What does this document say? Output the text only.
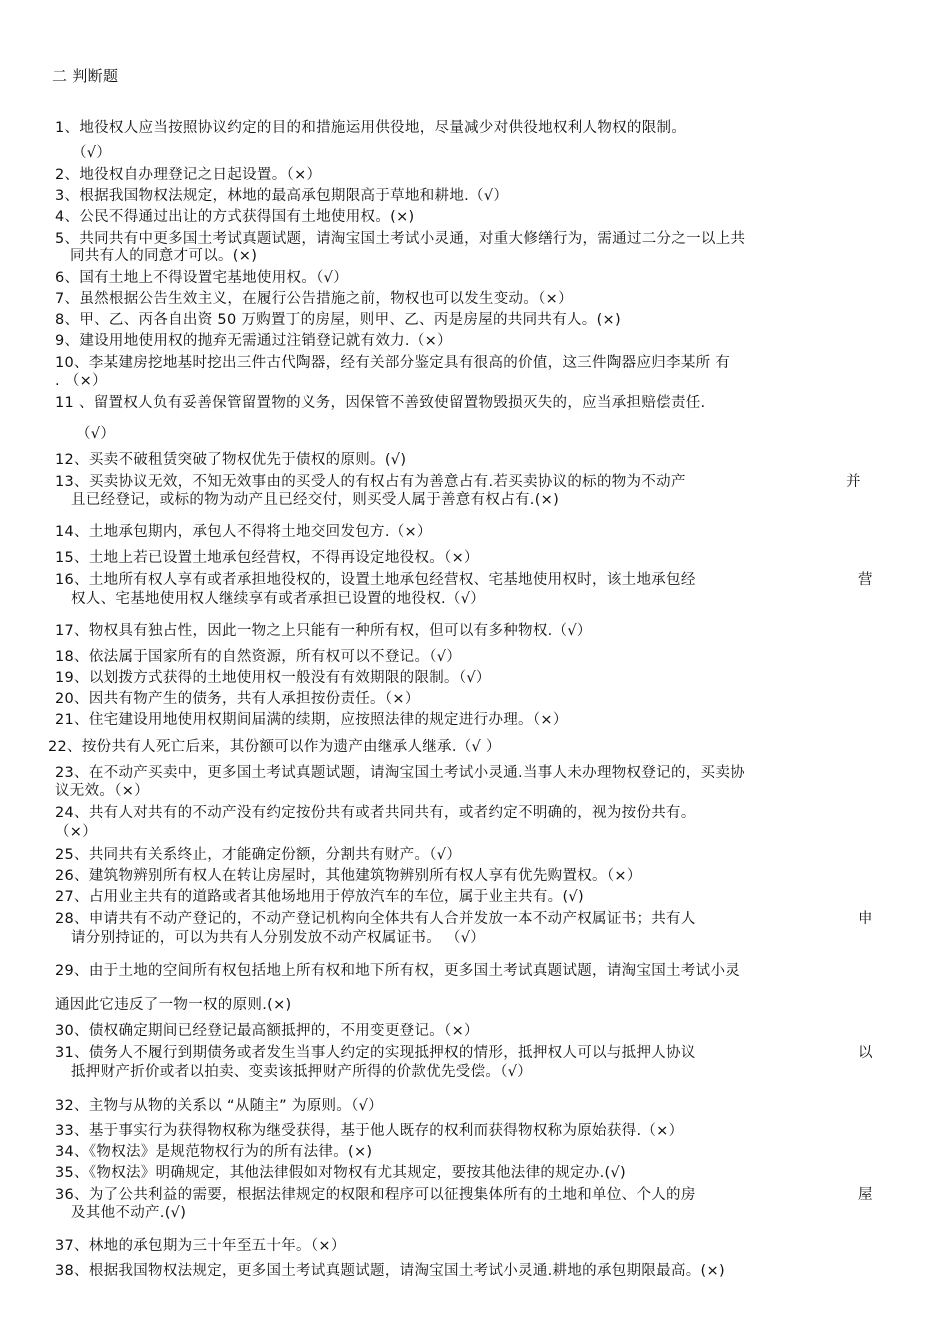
二 判断题
1、地役权人应当按照协议约定的目的和措施运用供役地，尽量减少对供役地权利人物权的限制。
（√）
2、地役权自办理登记之日起设置。（×）
3、根据我国物权法规定，林地的最高承包期限高于草地和耕地.（√）
4、公民不得通过出让的方式获得国有土地使用权。(×)
5、共同共有中更多国土考试真题试题，请淘宝国土考试小灵通，对重大修缮行为，需通过二分之一以上共
同共有人的同意才可以。(×)
6、国有土地上不得设置宅基地使用权。（√）
7、虽然根据公告生效主义，在履行公告措施之前，物权也可以发生变动。（×）
8、甲、乙、丙各自出资 50 万购置丁的房屋，则甲、乙、丙是房屋的共同共有人。(×)
9、建设用地使用权的抛弃无需通过注销登记就有效力.（×）
10、李某建房挖地基时挖出三件古代陶器，经有关部分鉴定具有很高的价值，这三件陶器应归李某所 有
. （×）
11 、留置权人负有妥善保管留置物的义务，因保管不善致使留置物毁损灭失的，应当承担赔偿责任.
（√）
12、买卖不破租赁突破了物权优先于债权的原则。(√)
13、买卖协议无效，不知无效事由的买受人的有权占有为善意占有.若买卖协议的标的物为不动产	并
且已经登记，或标的物为动产且已经交付，则买受人属于善意有权占有.(×)
14、土地承包期内，承包人不得将土地交回发包方.（×）
15、土地上若已设置土地承包经营权，不得再设定地役权。（×）
16、土地所有权人享有或者承担地役权的，设置土地承包经营权、宅基地使用权时，该土地承包经	营
权人、宅基地使用权人继续享有或者承担已设置的地役权.（√）
17、物权具有独占性，因此一物之上只能有一种所有权，但可以有多种物权.（√）
18、依法属于国家所有的自然资源，所有权可以不登记。（√）
19、以划拨方式获得的土地使用权一般没有有效期限的限制。（√）
20、因共有物产生的债务，共有人承担按份责任。（×）
21、住宅建设用地使用权期间届满的续期，应按照法律的规定进行办理。（×）
22、按份共有人死亡后来，其份额可以作为遗产由继承人继承.（√ ）
23、在不动产买卖中，更多国土考试真题试题，请淘宝国土考试小灵通.当事人未办理物权登记的，买卖协
议无效。（×）
24、共有人对共有的不动产没有约定按份共有或者共同共有，或者约定不明确的，视为按份共有。
（×）
25、共同共有关系终止，才能确定份额，分割共有财产。（√）
26、建筑物辨别所有权人在转让房屋时，其他建筑物辨别所有权人享有优先购置权。（×）
27、占用业主共有的道路或者其他场地用于停放汽车的车位，属于业主共有。(√)
28、申请共有不动产登记的，不动产登记机构向全体共有人合并发放一本不动产权属证书；共有人	申
请分别持证的，可以为共有人分别发放不动产权属证书。 （√）
29、由于土地的空间所有权包括地上所有权和地下所有权，更多国土考试真题试题，请淘宝国土考试小灵
通因此它违反了一物一权的原则.(×)
30、债权确定期间已经登记最高额抵押的，不用变更登记。（×）
31、债务人不履行到期债务或者发生当事人约定的实现抵押权的情形，抵押权人可以与抵押人协议	以
抵押财产折价或者以拍卖、变卖该抵押财产所得的价款优先受偿。（√）
32、主物与从物的关系以 “从随主” 为原则。（√）
33、基于事实行为获得物权称为继受获得，基于他人既存的权利而获得物权称为原始获得.（×）
34、《物权法》是规范物权行为的所有法律。(×)
35、《物权法》明确规定，其他法律假如对物权有尤其规定，要按其他法律的规定办.(√)
36、为了公共利益的需要，根据法律规定的权限和程序可以征搜集体所有的土地和单位、个人的房	屋
及其他不动产.(√)
37、林地的承包期为三十年至五十年。（×）
38、根据我国物权法规定，更多国土考试真题试题，请淘宝国土考试小灵通.耕地的承包期限最高。(×)
